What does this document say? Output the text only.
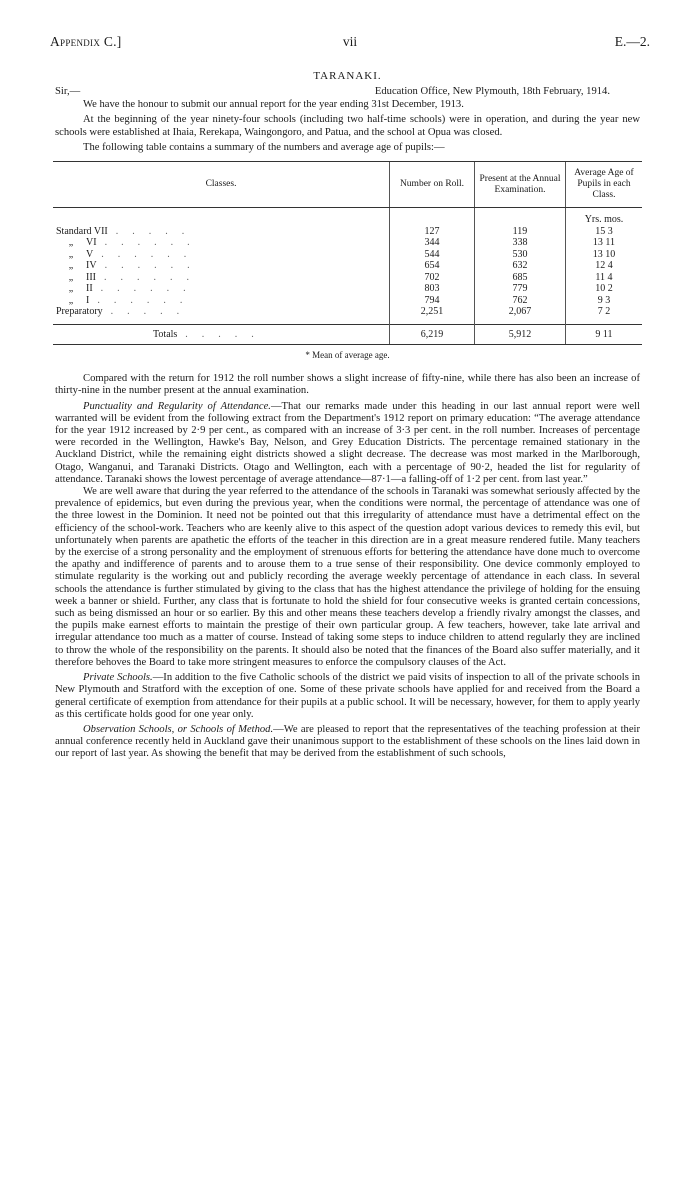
Appendix C.]	vii	E.—2.
TARANAKI.
Sir,—	Education Office, New Plymouth, 18th February, 1914.

We have the honour to submit our annual report for the year ending 31st December, 1913.

At the beginning of the year ninety-four schools (including two half-time schools) were in operation, and during the year new schools were established at Ihaia, Rerekapa, Waingongoro, and Patua, and the school at Opua was closed.

The following table contains a summary of the numbers and average age of pupils:—

Classes.	Number on Roll.	Present at the Annual Examination.	Average Age of Pupils in each Class.
			Yrs. mos.
Standard VII .....	127	119	15 3
„ VI ......	344	338	13 11
„ V ......	544	530	13 10
„ IV ......	654	632	12 4
„ III ......	702	685	11 4
„ II ......	803	779	10 2
„ I ......	794	762	9 3
Preparatory .....	2,251	2,067	7 2
Totals .....	6,219	5,912	9 11
* Mean of average age.

Compared with the return for 1912 the roll number shows a slight increase of fifty-nine, while there has also been an increase of thirty-nine in the number present at the annual examination.

Punctuality and Regularity of Attendance.—That our remarks made under this heading in our last annual report were well warranted will be evident from the following extract from the Department's 1912 report on primary education: “The average attendance for the year 1912 increased by 2·9 per cent., as compared with an increase of 3·3 per cent. in the roll number. Increases of percentage were recorded in the Wellington, Hawke's Bay, Nelson, and Grey Education Districts. The percentage remained stationary in the Auckland District, while the remaining eight districts showed a slight decrease. The decrease was most marked in the Marlborough, Otago, Wanganui, and Taranaki Districts. Otago and Wellington, each with a percentage of 90·2, headed the list for regularity of attendance. Taranaki shows the lowest percentage of average attendance—87·1—a falling-off of 1·2 per cent. from last year.”

We are well aware that during the year referred to the attendance of the schools in Taranaki was somewhat seriously affected by the prevalence of epidemics, but even during the previous year, when the conditions were normal, the percentage of attendance was one of the three lowest in the Dominion. It need not be pointed out that this irregularity of attendance must have a detrimental effect on the efficiency of the school-work. Teachers who are keenly alive to this aspect of the question adopt various devices to remedy this evil, but unfortunately when parents are apathetic the efforts of the teacher in this direction are in a great measure rendered futile. Many teachers by the exercise of a strong personality and the employment of strenuous efforts for bettering the attendance have done much to overcome the apathy and indifference of parents and to arouse them to a true sense of their responsibility. One device commonly employed to stimulate regularity is the working out and publicly recording the average weekly percentage of attendance in each class. In several schools the attendance is further stimulated by giving to the class that has the highest attendance the privilege of holding for the ensuing week a banner or shield. Further, any class that is fortunate to hold the shield for four consecutive weeks is granted certain concessions, such as being dismissed an hour or so earlier. By this and other means these teachers develop a friendly rivalry amongst the classes, and the pupils make earnest efforts to maintain the prestige of their own particular group. A few teachers, however, take late arrival and irregular attendance too much as a matter of course. Instead of taking some steps to induce children to attend regularly they are inclined to throw the whole of the responsibility on the parents. It should also be noted that the finances of the Board also suffer materially, and it therefore behoves the Board to take more stringent measures to enforce the compulsory clauses of the Act.

Private Schools.—In addition to the five Catholic schools of the district we paid visits of inspection to all of the private schools in New Plymouth and Stratford with the exception of one. Some of these private schools have applied for and received from the Board a general certificate of exemption from attendance for their pupils at a public school. It will be necessary, however, for them to apply yearly as this certificate holds good for one year only.

Observation Schools, or Schools of Method.—We are pleased to report that the representatives of the teaching profession at their annual conference recently held in Auckland gave their unanimous support to the establishment of these schools on the lines laid down in our report of last year. As showing the benefit that may be derived from the establishment of such schools,
